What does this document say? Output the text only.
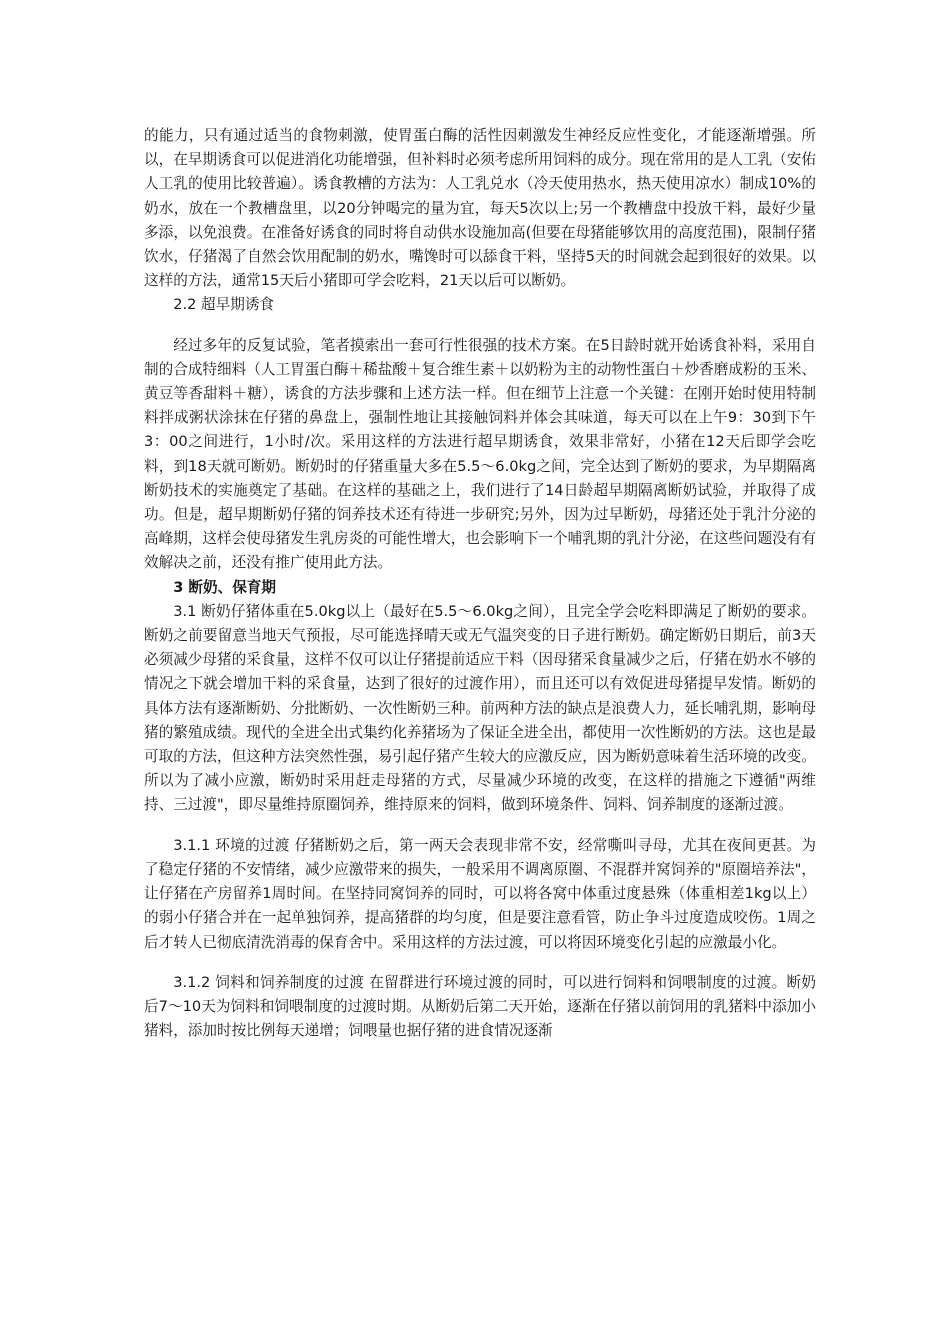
的能力，只有通过适当的食物刺激，使胃蛋白酶的活性因刺激发生神经反应性变化，才能逐渐增强。所以，在早期诱食可以促进消化功能增强，但补料时必须考虑所用饲料的成分。现在常用的是人工乳（安佑人工乳的使用比较普遍）。诱食教槽的方法为：人工乳兑水（冷天使用热水，热天使用凉水）制成10%的奶水，放在一个教槽盘里，以20分钟喝完的量为宜，每天5次以上;另一个教槽盘中投放干料，最好少量多添，以免浪费。在准备好诱食的同时将自动供水设施加高(但要在母猪能够饮用的高度范围)，限制仔猪饮水，仔猪渴了自然会饮用配制的奶水，嘴馋时可以舔食干料，坚持5天的时间就会起到很好的效果。以这样的方法，通常15天后小猪即可学会吃料，21天以后可以断奶。

2.2 超早期诱食

经过多年的反复试验，笔者摸索出一套可行性很强的技术方案。在5日龄时就开始诱食补料，采用自制的合成特细料（人工胃蛋白酶＋稀盐酸＋复合维生素＋以奶粉为主的动物性蛋白＋炒香磨成粉的玉米、黄豆等香甜料＋糖），诱食的方法步骤和上述方法一样。但在细节上注意一个关键：在刚开始时使用特制料拌成粥状涂抹在仔猪的鼻盘上，强制性地让其接触饲料并体会其味道，每天可以在上午9：30到下午3：00之间进行，1小时/次。采用这样的方法进行超早期诱食，效果非常好，小猪在12天后即学会吃料，到18天就可断奶。断奶时的仔猪重量大多在5.5～6.0kg之间，完全达到了断奶的要求，为早期隔离断奶技术的实施奠定了基础。在这样的基础之上，我们进行了14日龄超早期隔离断奶试验，并取得了成功。但是，超早期断奶仔猪的饲养技术还有待进一步研究;另外，因为过早断奶，母猪还处于乳汁分泌的高峰期，这样会使母猪发生乳房炎的可能性增大，也会影响下一个哺乳期的乳汁分泌，在这些问题没有有效解决之前，还没有推广使用此方法。

3 断奶、保育期

3.1 断奶仔猪体重在5.0kg以上（最好在5.5～6.0kg之间），且完全学会吃料即满足了断奶的要求。断奶之前要留意当地天气预报，尽可能选择晴天或无气温突变的日子进行断奶。确定断奶日期后，前3天必须减少母猪的采食量，这样不仅可以让仔猪提前适应干料（因母猪采食量减少之后，仔猪在奶水不够的情况之下就会增加干料的采食量，达到了很好的过渡作用），而且还可以有效促进母猪提早发情。断奶的具体方法有逐渐断奶、分批断奶、一次性断奶三种。前两种方法的缺点是浪费人力，延长哺乳期，影响母猪的繁殖成绩。现代的全进全出式集约化养猪场为了保证全进全出，都使用一次性断奶的方法。这也是最可取的方法，但这种方法突然性强，易引起仔猪产生较大的应激反应，因为断奶意味着生活环境的改变。所以为了减小应激，断奶时采用赶走母猪的方式，尽量减少环境的改变，在这样的措施之下遵循"两维持、三过渡"，即尽量维持原圈饲养，维持原来的饲料，做到环境条件、饲料、饲养制度的逐渐过渡。

3.1.1 环境的过渡 仔猪断奶之后，第一两天会表现非常不安，经常嘶叫寻母，尤其在夜间更甚。为了稳定仔猪的不安情绪，减少应激带来的损失，一般采用不调离原圈、不混群并窝饲养的"原圈培养法"，让仔猪在产房留养1周时间。在坚持同窝饲养的同时，可以将各窝中体重过度悬殊（体重相差1kg以上）的弱小仔猪合并在一起单独饲养，提高猪群的均匀度，但是要注意看管，防止争斗过度造成咬伤。1周之后才转人已彻底清洗消毒的保育舍中。采用这样的方法过渡，可以将因环境变化引起的应激最小化。

3.1.2 饲料和饲养制度的过渡 在留群进行环境过渡的同时，可以进行饲料和饲喂制度的过渡。断奶后7～10天为饲料和饲喂制度的过渡时期。从断奶后第二天开始，逐渐在仔猪以前饲用的乳猪料中添加小猪料，添加时按比例每天递增；饲喂量也据仔猪的进食情况逐渐
